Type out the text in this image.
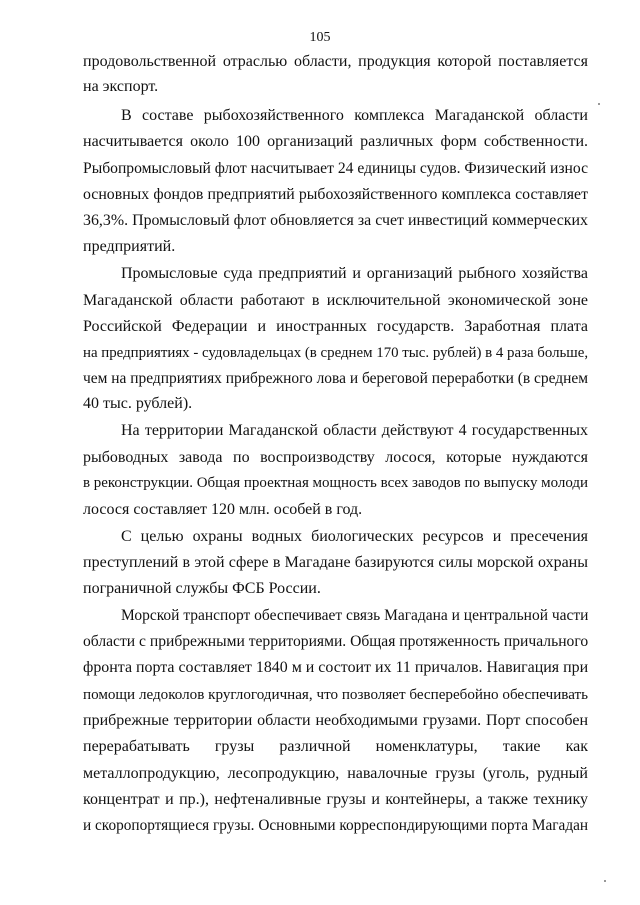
105
продовольственной отраслью области, продукция которой поставляется
на экспорт.
В составе рыбохозяйственного комплекса Магаданской области
насчитывается около 100 организаций различных форм собственности.
Рыбопромысловый флот насчитывает 24 единицы судов. Физический износ
основных фондов предприятий рыбохозяйственного комплекса составляет
36,3%. Промысловый флот обновляется за счет инвестиций коммерческих
предприятий.
Промысловые суда предприятий и организаций рыбного хозяйства
Магаданской области работают в исключительной экономической зоне
Российской Федерации и иностранных государств. Заработная плата
на предприятиях - судовладельцах (в среднем 170 тыс. рублей) в 4 раза больше,
чем на предприятиях прибрежного лова и береговой переработки (в среднем
40 тыс. рублей).
На территории Магаданской области действуют 4 государственных
рыбоводных завода по воспроизводству лосося, которые нуждаются
в реконструкции. Общая проектная мощность всех заводов по выпуску молоди
лосося составляет 120 млн. особей в год.
С целью охраны водных биологических ресурсов и пресечения
преступлений в этой сфере в Магадане базируются силы морской охраны
пограничной службы ФСБ России.
Морской транспорт обеспечивает связь Магадана и центральной части
области с прибрежными территориями. Общая протяженность причального
фронта порта составляет 1840 м и состоит их 11 причалов. Навигация при
помощи ледоколов круглогодичная, что позволяет бесперебойно обеспечивать
прибрежные территории области необходимыми грузами. Порт способен
перерабатывать грузы различной номенклатуры, такие как
металлопродукцию, лесопродукцию, навалочные грузы (уголь, рудный
концентрат и пр.), нефтеналивные грузы и контейнеры, а также технику
и скоропортящиеся грузы. Основными корреспондирующими порта Магадан
